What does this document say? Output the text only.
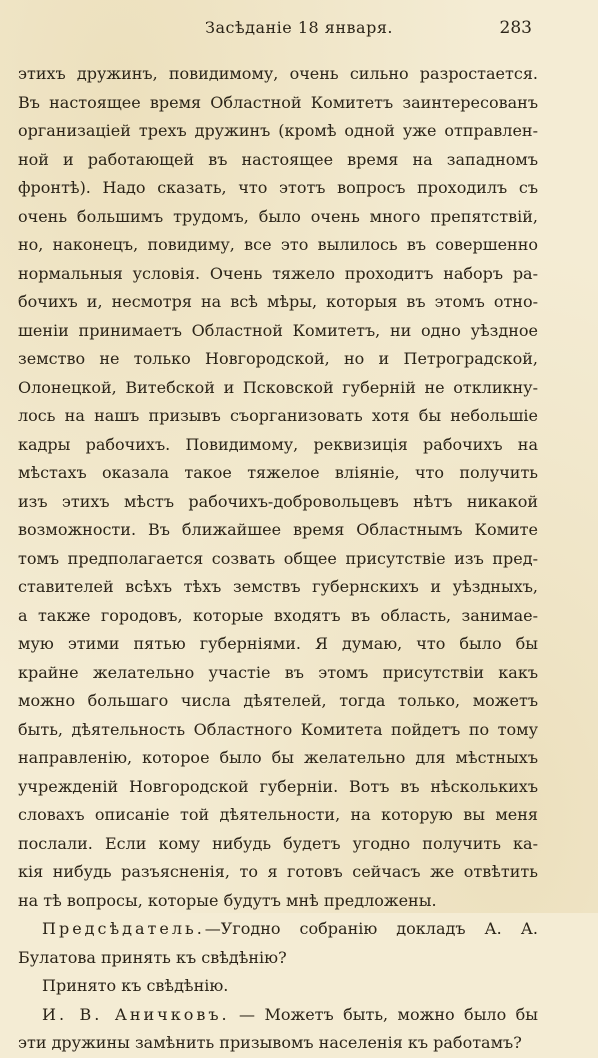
Засѣданіе 18 января.	283
этихъ дружинъ, повидимому, очень сильно разростается.
Въ настоящее время Областной Комитетъ заинтересованъ
организацiей трехъ дружинъ (кромѣ одной уже отправлен-
ной и работающей въ настоящее время на западномъ
фронтѣ). Надо сказать, что этотъ вопросъ проходилъ съ
очень большимъ трудомъ, было очень много препятствій,
но, наконецъ, повидиму, все это вылилось въ совершенно
нормальныя условія. Очень тяжело проходитъ наборъ ра-
бочихъ и, несмотря на всѣ мѣры, которыя въ этомъ отно-
шеніи принимаетъ Областной Комитетъ, ни одно уѣздное
земство не только Новгородской, но и Петроградской,
Олонецкой, Витебской и Псковской губерній не откликну-
лось на нашъ призывъ съорганизовать хотя бы небольшіе
кадры рабочихъ. Повидимому, реквизиція рабочихъ на
мѣстахъ оказала такое тяжелое вліяніе, что получить
изъ этихъ мѣстъ рабочихъ-добровольцевъ нѣтъ никакой
возможности. Въ ближайшее время Областнымъ Комите
томъ предполагается созвать общее присутствіе изъ пред-
ставителей всѣхъ тѣхъ земствъ губернскихъ и уѣздныхъ,
а также городовъ, которые входятъ въ область, занимае-
мую этими пятью губерніями. Я думаю, что было бы
крайне желательно участіе въ этомъ присутствіи какъ
можно большаго числа дѣятелей, тогда только, можетъ
быть, дѣятельность Областного Комитета пойдетъ по тому
направленію, которое было бы желательно для мѣстныхъ
учрежденій Новгородской губерніи. Вотъ въ нѣсколькихъ
словахъ описаніе той дѣятельности, на которую вы меня
послали. Если кому нибудь будетъ угодно получить ка-
кія нибудь разъясненія, то я готовъ сейчасъ же отвѣтить
на тѣ вопросы, которые будутъ мнѣ предложены.
Предсѣдатель.—Угодно собранію докладъ А. А.
Булатова принять къ свѣдѣнію?
Принято къ свѣдѣнію.
И. В. Аничковъ. — Можетъ быть, можно было бы
эти дружины замѣнить призывомъ населенія къ работамъ?
